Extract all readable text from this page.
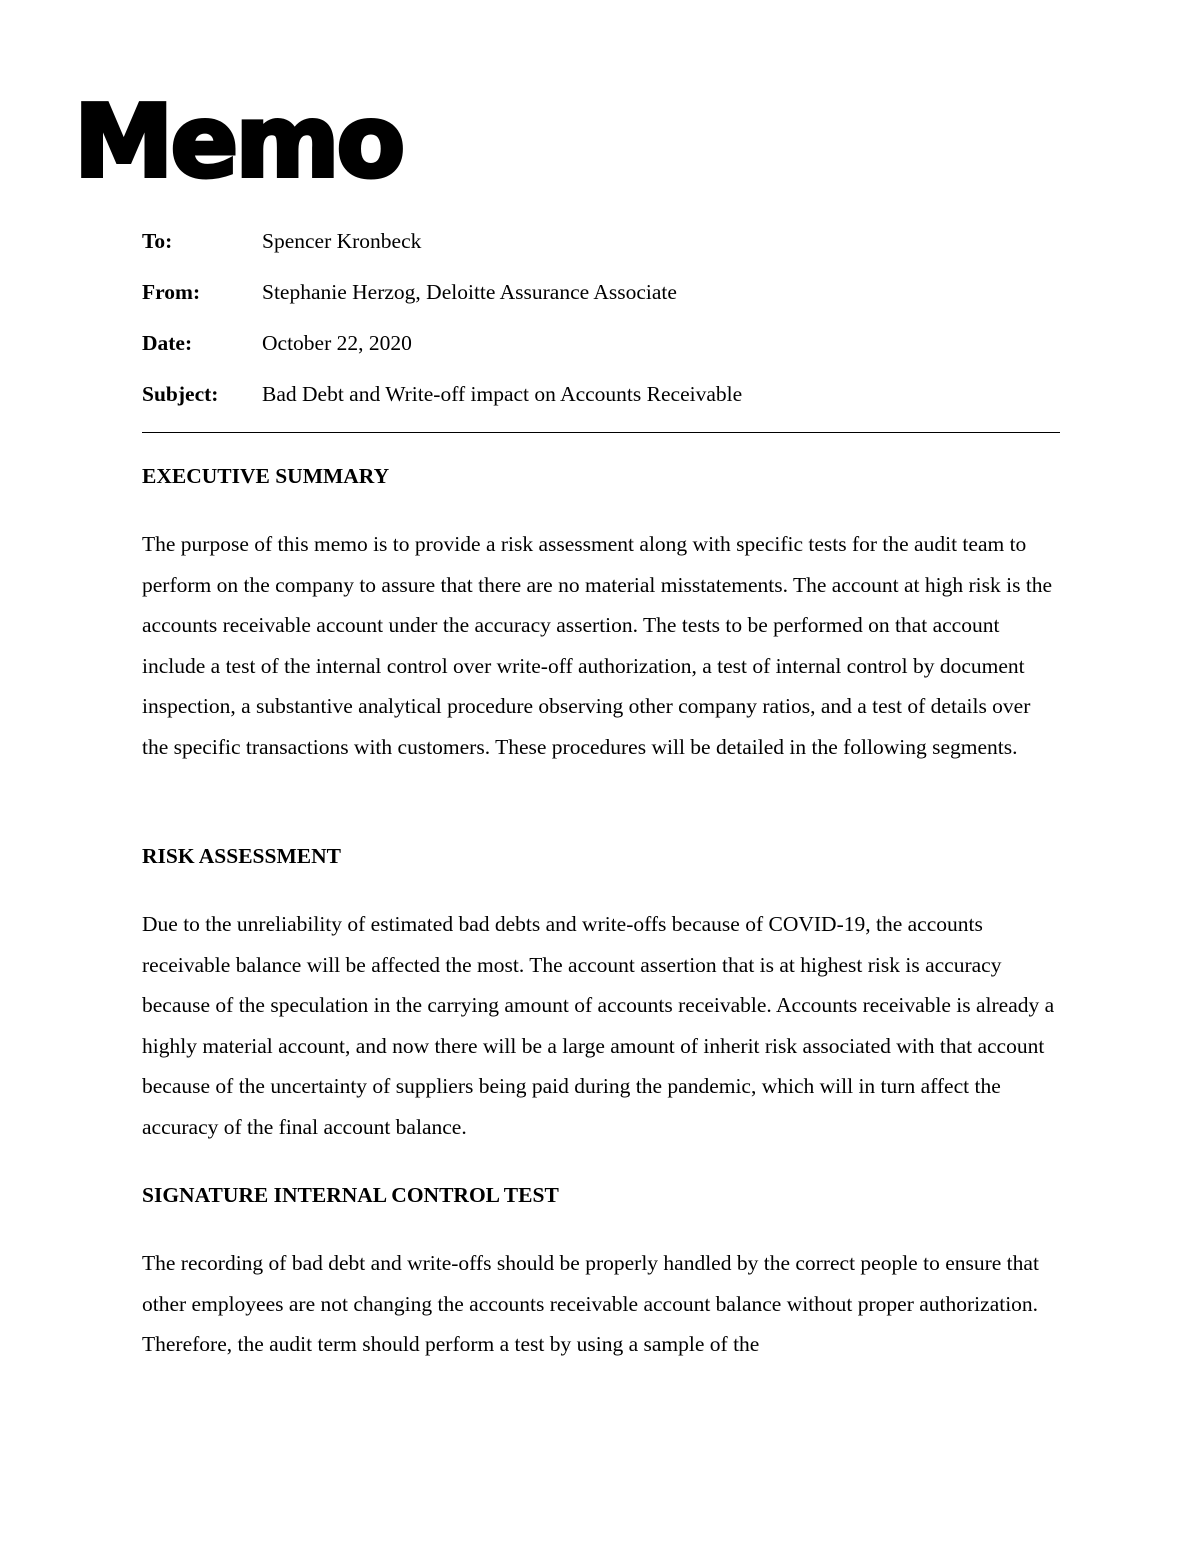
Memo
To:	Spencer Kronbeck
From:	Stephanie Herzog, Deloitte Assurance Associate
Date:	October 22, 2020
Subject:	Bad Debt and Write-off impact on Accounts Receivable
EXECUTIVE SUMMARY

The purpose of this memo is to provide a risk assessment along with specific tests for the audit team to perform on the company to assure that there are no material misstatements. The account at high risk is the accounts receivable account under the accuracy assertion. The tests to be performed on that account include a test of the internal control over write-off authorization, a test of internal control by document inspection, a substantive analytical procedure observing other company ratios, and a test of details over the specific transactions with customers. These procedures will be detailed in the following segments.

RISK ASSESSMENT

Due to the unreliability of estimated bad debts and write-offs because of COVID-19, the accounts receivable balance will be affected the most. The account assertion that is at highest risk is accuracy because of the speculation in the carrying amount of accounts receivable. Accounts receivable is already a highly material account, and now there will be a large amount of inherit risk associated with that account because of the uncertainty of suppliers being paid during the pandemic, which will in turn affect the accuracy of the final account balance.

SIGNATURE INTERNAL CONTROL TEST

The recording of bad debt and write-offs should be properly handled by the correct people to ensure that other employees are not changing the accounts receivable account balance without proper authorization. Therefore, the audit term should perform a test by using a sample of the
